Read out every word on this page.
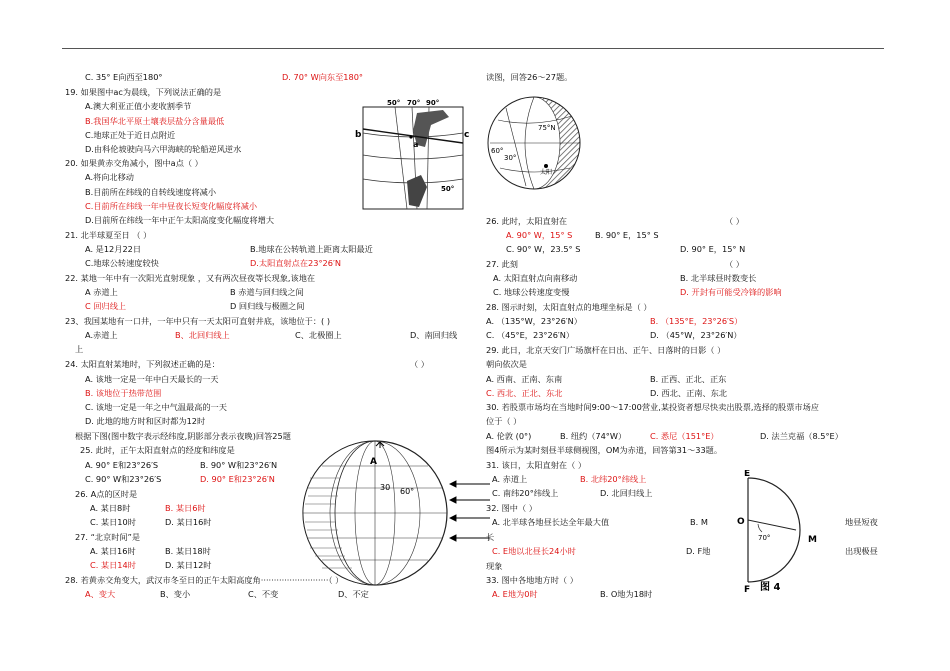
C. 35° E向西至180°	D. 70° W向东至180°
19. 如果图中ac为晨线，下列说法正确的是
A.澳大利亚正值小麦收割季节
B.我国华北平原土壤表层盐分含量最低
C.地球正处于近日点附近
D.由科伦坡驶向马六甲海峡的轮船逆风逆水
20. 如果黄赤交角减小，图中a点（ ）
A.将向北移动
B.目前所在纬线的自转线速度将减小
C.目前所在纬线一年中昼夜长短变化幅度将减小
D.目前所在纬线一年中正午太阳高度变化幅度将增大
21. 北半球夏至日 （ ）
A. 是12月22日	B.地球在公转轨道上距离太阳最近
C.地球公转速度较快	D.太阳直射点在23°26′N
22. 某地一年中有一次阳光直射现象 ，又有两次昼夜等长现象,该地在
A 赤道上	B 赤道与回归线之间
C 回归线上	D 回归线与极圈之间
23、我国某地有一口井，一年中只有一天太阳可直射井底，该地位于：( )
A.赤道上	B、北回归线上	C、北极圈上	D、南回归线
上
24. 太阳直射某地时，下列叙述正确的是：	（ ）
A. 该地一定是一年中白天最长的一天
B. 该地位于热带范围
C. 该地一定是一年之中气温最高的一天
D. 此地的地方时和区时都为12时
根据下图(图中数字表示经纬度,阴影部分表示夜晚)回答25题
25. 此时，正午太阳直射点的经度和纬度是
A. 90° E和23°26′S	B. 90° W和23°26′N
C. 90° W和23°26′S	D. 90° E和23°26′N
26. A点的区时是
A. 某日8时	B. 某日6时
C. 某日10时	D. 某日16时
27. “北京时间”是
A. 某日16时	B. 某日18时
C. 某日14时	D. 某日12时
28. 若黄赤交角变大，武汉市冬至日的正午太阳高度角··························（ ）
A、变大	B、变小	C、不变	D、不定
50° 70° 90°
b	c
a
50°
A
30 60°
读图，回答26～27题。
26. 此时，太阳直射在	（ ）
A. 90° W，15° S	B. 90° E，15° S
C. 90° W，23.5° S	D. 90° E，15° N
27. 此刻	（ ）
A. 太阳直射点向南移动	B. 北半球昼时数变长
C. 地球公转速度变慢	D. 开封有可能受冷锋的影响
28. 图示时刻，太阳直射点的地理坐标是（ ）
A. （135°W，23°26′N）	B. （135°E，23°26′S）
C. （45°E，23°26′N）	D. （45°W，23°26′N）
29. 此日，北京天安门广场旗杆在日出、正午、日落时的日影（ ）
朝向依次是
A. 西南、正南、东南	B. 正西、正北、正东
C. 西北、正北、东北	D. 西北、正南、东北
30. 若股票市场均在当地时间9:00～17:00营业,某投资者想尽快卖出股票,选择的股票市场应
位于（ ）
A. 伦敦 (0°)	B. 纽约（74°W）	C. 悉尼（151°E）	D. 法兰克福（8.5°E）
图4所示为某时刻昼半球侧视图，OM为赤道，回答第31～33题。
31. 该日，太阳直射在（ ）
A. 赤道上	B. 北纬20°纬线上
C. 南纬20°纬线上	D. 北回归线上
32. 图中（ ）
A. 北半球各地昼长达全年最大值	B. M	地昼短夜
长
C. E地以北昼长24小时	D. F地	出现极昼
现象
33. 图中各地地方时（ ）
A. E地为0时	B. O地为18时
75°N
60°
30°
太阳
E
O
M
F
70°
图 4
